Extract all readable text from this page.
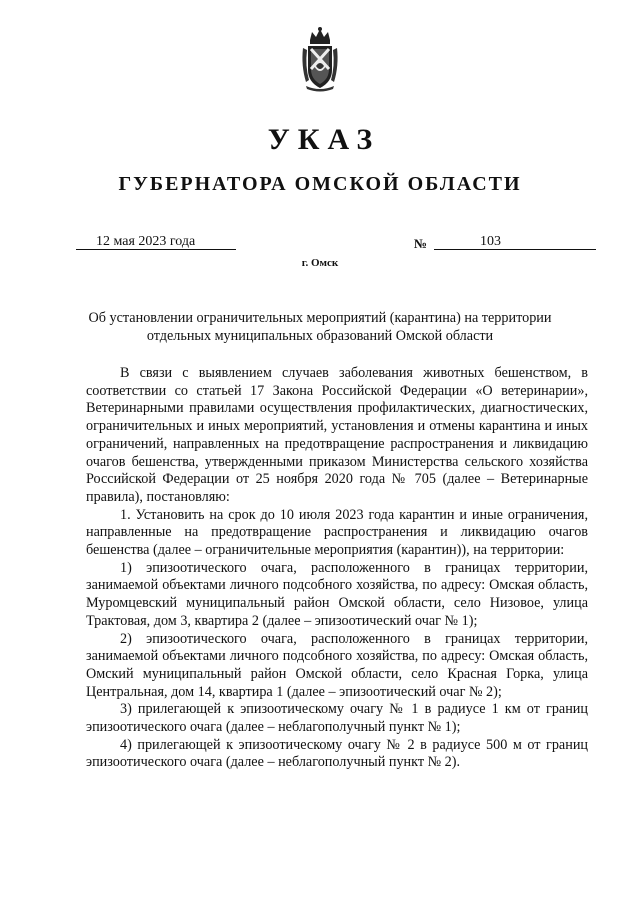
УКАЗ
ГУБЕРНАТОРА ОМСКОЙ ОБЛАСТИ
12 мая 2023 года	№	103
г. Омск
Об установлении ограничительных мероприятий (карантина) на территории отдельных муниципальных образований Омской области

В связи с выявлением случаев заболевания животных бешенством, в соответствии со статьей 17 Закона Российской Федерации «О ветеринарии», Ветеринарными правилами осуществления профилактических, диагностических, ограничительных и иных мероприятий, установления и отмены карантина и иных ограничений, направленных на предотвращение распространения и ликвидацию очагов бешенства, утвержденными приказом Министерства сельского хозяйства Российской Федерации от 25 ноября 2020 года № 705 (далее – Ветеринарные правила), постановляю:

1. Установить на срок до 10 июля 2023 года карантин и иные ограничения, направленные на предотвращение распространения и ликвидацию очагов бешенства (далее – ограничительные мероприятия (карантин)), на территории:

1) эпизоотического очага, расположенного в границах территории, занимаемой объектами личного подсобного хозяйства, по адресу: Омская область, Муромцевский муниципальный район Омской области, село Низовое, улица Трактовая, дом 3, квартира 2 (далее – эпизоотический очаг № 1);

2) эпизоотического очага, расположенного в границах территории, занимаемой объектами личного подсобного хозяйства, по адресу: Омская область, Омский муниципальный район Омской области, село Красная Горка, улица Центральная, дом 14, квартира 1 (далее – эпизоотический очаг № 2);

3) прилегающей к эпизоотическому очагу № 1 в радиусе 1 км от границ эпизоотического очага (далее – неблагополучный пункт № 1);

4) прилегающей к эпизоотическому очагу № 2 в радиусе 500 м от границ эпизоотического очага (далее – неблагополучный пункт № 2).
